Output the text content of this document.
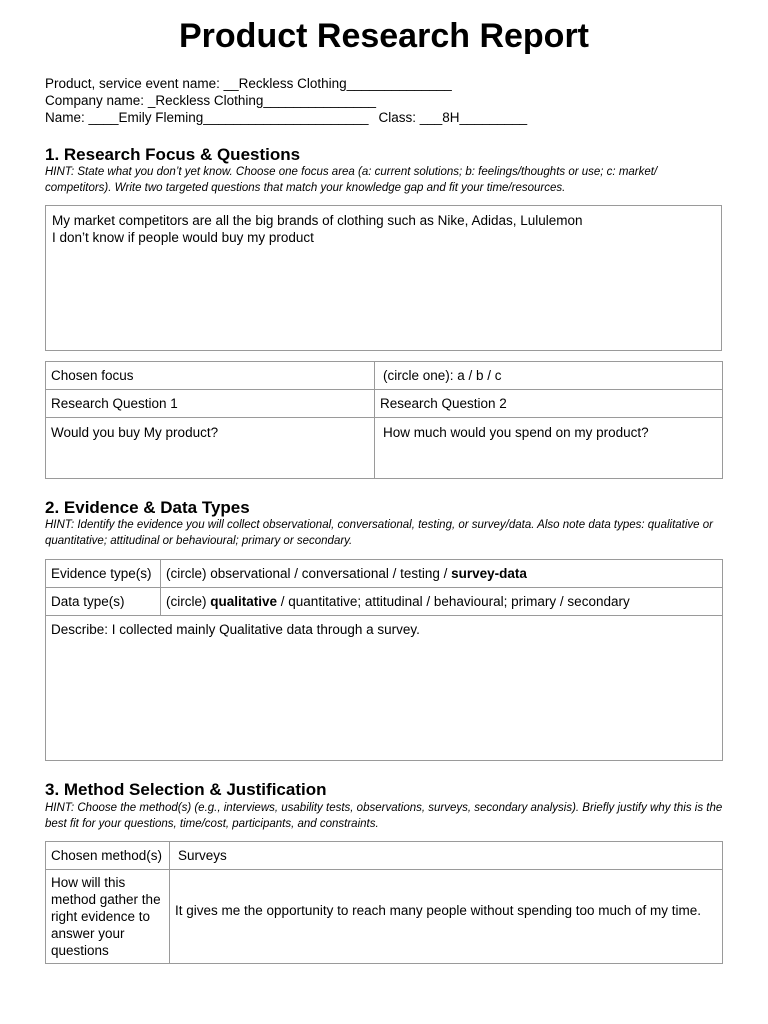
Product Research Report
Product, service event name: __Reckless Clothing______________
Company name: _Reckless Clothing_______________
Name: ____Emily Fleming______________________ Class: ___8H_________
1. Research Focus & Questions
HINT: State what you don’t yet know. Choose one focus area (a: current solutions; b: feelings/thoughts or use; c: market/ competitors). Write two targeted questions that match your knowledge gap and fit your time/resources.
My market competitors are all the big brands of clothing such as Nike, Adidas, Lululemon
I don’t know if people would buy my product
Chosen focus	(circle one): a / b / c
Research Question 1	Research Question 2
Would you buy My product?	How much would you spend on my product?
2. Evidence & Data Types
HINT: Identify the evidence you will collect observational, conversational, testing, or survey/data. Also note data types: qualitative or quantitative; attitudinal or behavioural; primary or secondary.
Evidence type(s)	(circle) observational / conversational / testing / survey-data
Data type(s)	(circle) qualitative / quantitative; attitudinal / behavioural; primary / secondary
Describe: I collected mainly Qualitative data through a survey.	
3. Method Selection & Justification
HINT: Choose the method(s) (e.g., interviews, usability tests, observations, surveys, secondary analysis). Briefly justify why this is the best fit for your questions, time/cost, participants, and constraints.
Chosen method(s)	Surveys
How will this method gather the right evidence to answer your questions	It gives me the opportunity to reach many people without spending too much of my time.
